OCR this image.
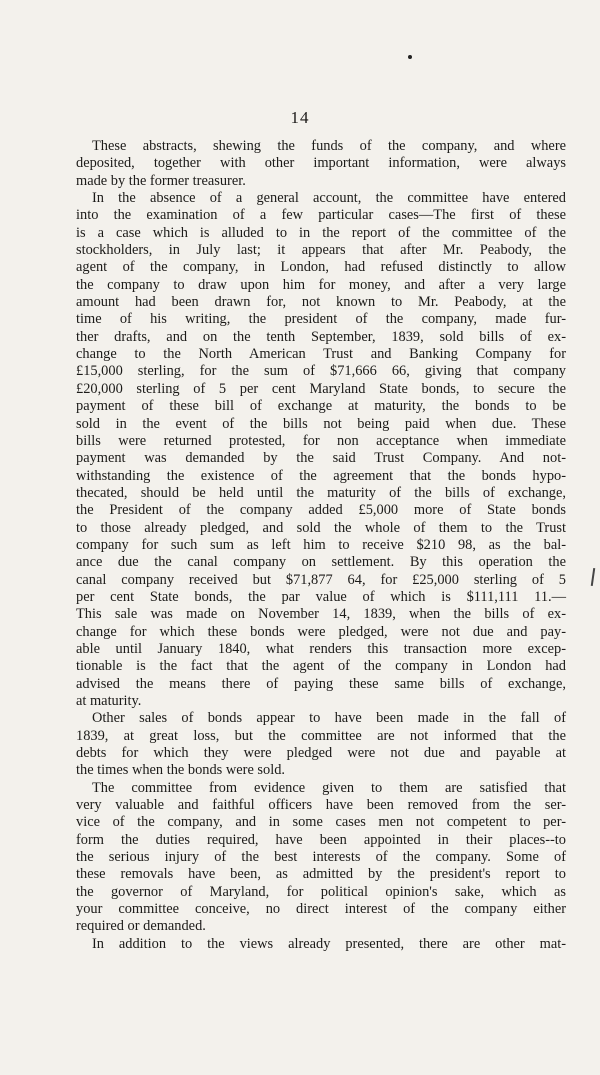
14
These abstracts, shewing the funds of the company, and where
deposited, together with other important information, were always
made by the former treasurer.
In the absence of a general account, the committee have entered
into the examination of a few particular cases—The first of these
is a case which is alluded to in the report of the committee of the
stockholders, in July last; it appears that after Mr. Peabody, the
agent of the company, in London, had refused distinctly to allow
the company to draw upon him for money, and after a very large
amount had been drawn for, not known to Mr. Peabody, at the
time of his writing, the president of the company, made fur-
ther drafts, and on the tenth September, 1839, sold bills of ex-
change to the North American Trust and Banking Company for
£15,000 sterling, for the sum of $71,666 66, giving that company
£20,000 sterling of 5 per cent Maryland State bonds, to secure the
payment of these bill of exchange at maturity, the bonds to be
sold in the event of the bills not being paid when due. These
bills were returned protested, for non acceptance when immediate
payment was demanded by the said Trust Company. And not-
withstanding the existence of the agreement that the bonds hypo-
thecated, should be held until the maturity of the bills of exchange,
the President of the company added £5,000 more of State bonds
to those already pledged, and sold the whole of them to the Trust
company for such sum as left him to receive $210 98, as the bal-
ance due the canal company on settlement. By this operation the
canal company received but $71,877 64, for £25,000 sterling of 5
per cent State bonds, the par value of which is $111,111 11.—
This sale was made on November 14, 1839, when the bills of ex-
change for which these bonds were pledged, were not due and pay-
able until January 1840, what renders this transaction more excep-
tionable is the fact that the agent of the company in London had
advised the means there of paying these same bills of exchange,
at maturity.
Other sales of bonds appear to have been made in the fall of
1839, at great loss, but the committee are not informed that the
debts for which they were pledged were not due and payable at
the times when the bonds were sold.
The committee from evidence given to them are satisfied that
very valuable and faithful officers have been removed from the ser-
vice of the company, and in some cases men not competent to per-
form the duties required, have been appointed in their places--to
the serious injury of the best interests of the company. Some of
these removals have been, as admitted by the president's report to
the governor of Maryland, for political opinion's sake, which as
your committee conceive, no direct interest of the company either
required or demanded.
In addition to the views already presented, there are other mat-
